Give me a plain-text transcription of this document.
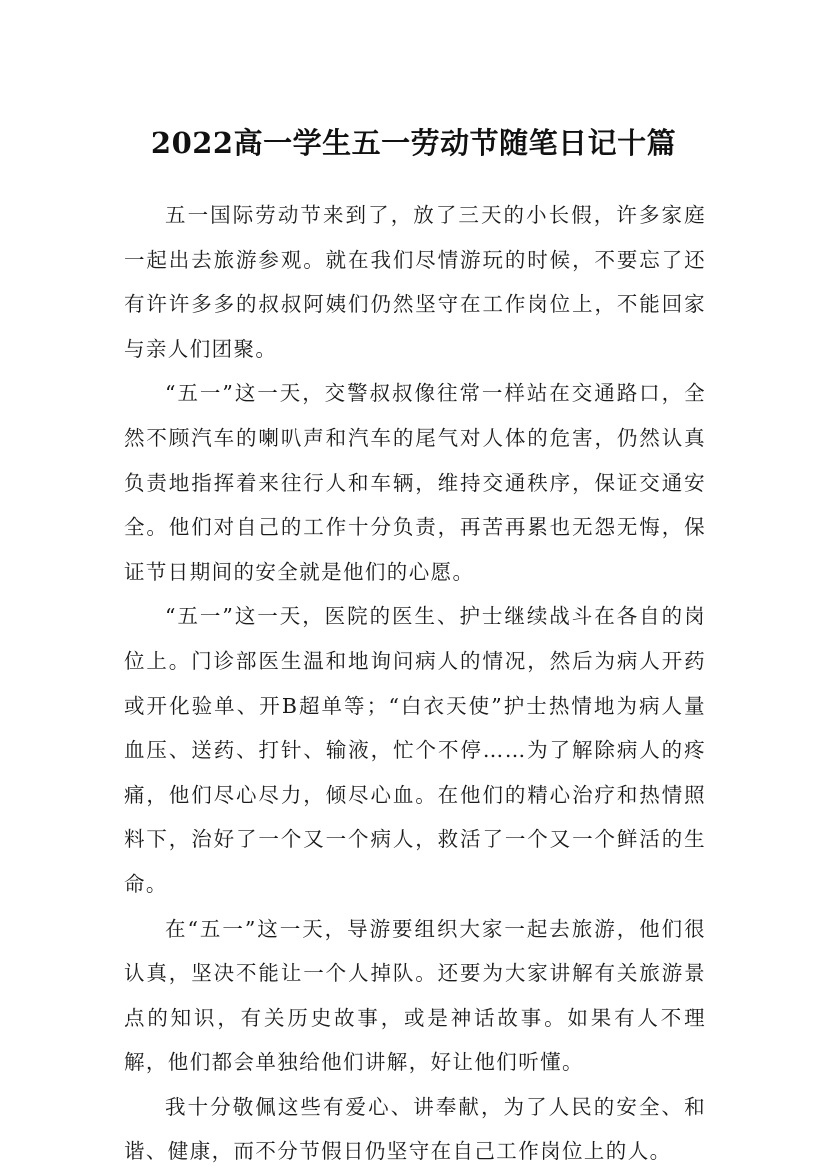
2022高一学生五一劳动节随笔日记十篇

五一国际劳动节来到了，放了三天的小长假，许多家庭一起出去旅游参观。就在我们尽情游玩的时候，不要忘了还有许许多多的叔叔阿姨们仍然坚守在工作岗位上，不能回家与亲人们团聚。

“五一”这一天，交警叔叔像往常一样站在交通路口，全然不顾汽车的喇叭声和汽车的尾气对人体的危害，仍然认真负责地指挥着来往行人和车辆，维持交通秩序，保证交通安全。他们对自己的工作十分负责，再苦再累也无怨无悔，保证节日期间的安全就是他们的心愿。

“五一”这一天，医院的医生、护士继续战斗在各自的岗位上。门诊部医生温和地询问病人的情况，然后为病人开药或开化验单、开B超单等；“白衣天使”护士热情地为病人量血压、送药、打针、输液，忙个不停……为了解除病人的疼痛，他们尽心尽力，倾尽心血。在他们的精心治疗和热情照料下，治好了一个又一个病人，救活了一个又一个鲜活的生命。

在“五一”这一天，导游要组织大家一起去旅游，他们很认真，坚决不能让一个人掉队。还要为大家讲解有关旅游景点的知识，有关历史故事，或是神话故事。如果有人不理解，他们都会单独给他们讲解，好让他们听懂。

我十分敬佩这些有爱心、讲奉献，为了人民的安全、和谐、健康，而不分节假日仍坚守在自己工作岗位上的人。
